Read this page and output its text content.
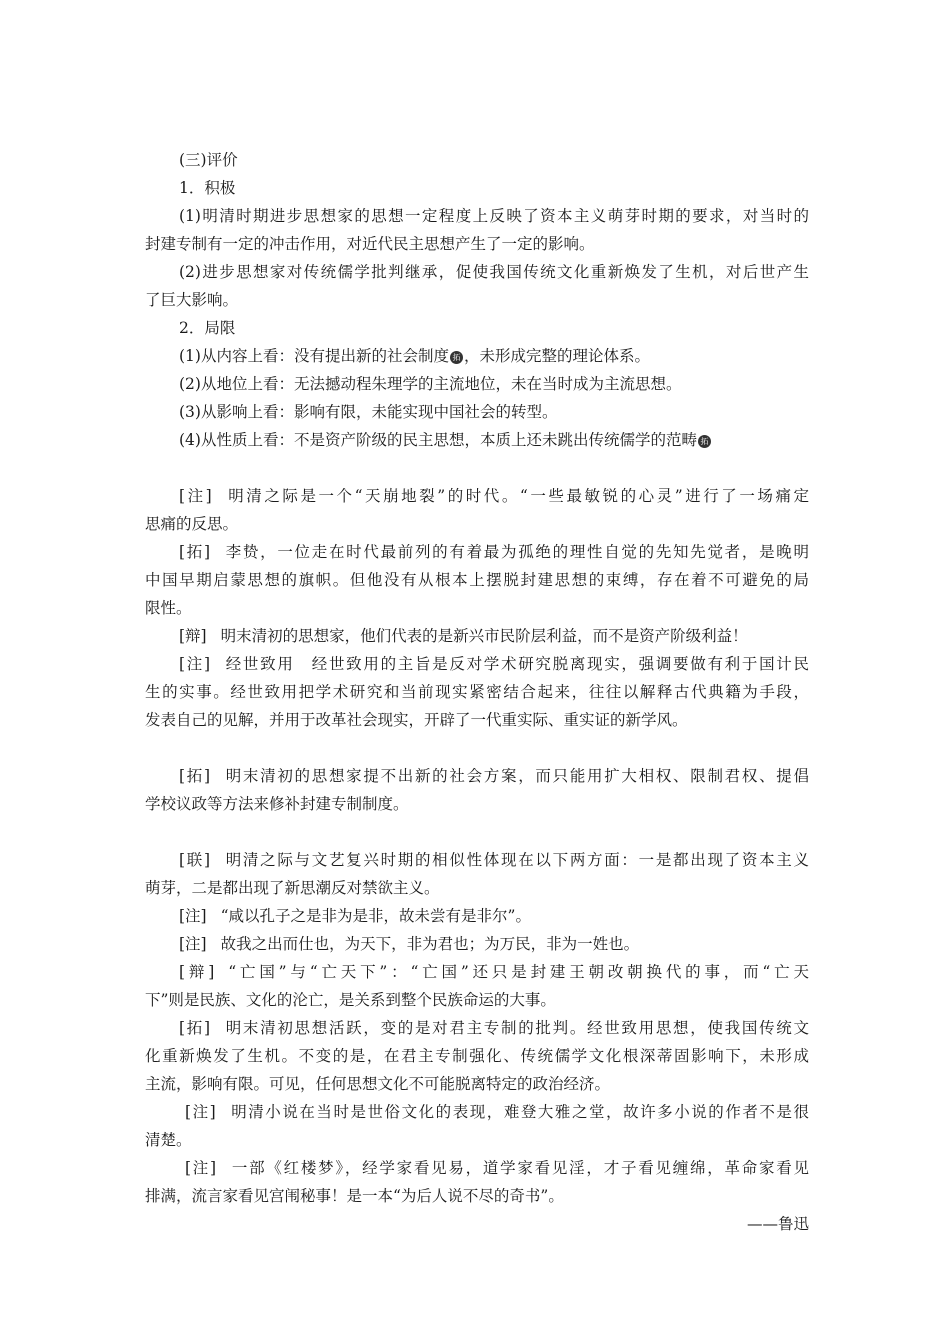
(三)评价
1．积极
(1)明清时期进步思想家的思想一定程度上反映了资本主义萌芽时期的要求，对当时的
封建专制有一定的冲击作用，对近代民主思想产生了一定的影响。
(2)进步思想家对传统儒学批判继承，促使我国传统文化重新焕发了生机，对后世产生
了巨大影响。
2．局限
(1)从内容上看：没有提出新的社会制度 拓 ，未形成完整的理论体系。
(2)从地位上看：无法撼动程朱理学的主流地位，未在当时成为主流思想。
(3)从影响上看：影响有限，未能实现中国社会的转型。
(4)从性质上看：不是资产阶级的民主思想，本质上还未跳出传统儒学的范畴 拓
[注] 明清之际是一个“天崩地裂”的时代。“一些最敏锐的心灵”进行了一场痛定
思痛的反思。
[拓] 李贽，一位走在时代最前列的有着最为孤绝的理性自觉的先知先觉者，是晚明
中国早期启蒙思想的旗帜。但他没有从根本上摆脱封建思想的束缚，存在着不可避免的局
限性。
[辩] 明末清初的思想家，他们代表的是新兴市民阶层利益，而不是资产阶级利益！
[注] 经世致用　经世致用的主旨是反对学术研究脱离现实，强调要做有利于国计民
生的实事。经世致用把学术研究和当前现实紧密结合起来，往往以解释古代典籍为手段，
发表自己的见解，并用于改革社会现实，开辟了一代重实际、重实证的新学风。
[拓] 明末清初的思想家提不出新的社会方案，而只能用扩大相权、限制君权、提倡
学校议政等方法来修补封建专制制度。
[联] 明清之际与文艺复兴时期的相似性体现在以下两方面：一是都出现了资本主义
萌芽，二是都出现了新思潮反对禁欲主义。
[注] “咸以孔子之是非为是非，故未尝有是非尔”。
[注] 故我之出而仕也，为天下，非为君也；为万民，非为一姓也。
[辩] “亡国”与“亡天下”：“亡国”还只是封建王朝改朝换代的事，而“亡天
下”则是民族、文化的沦亡，是关系到整个民族命运的大事。
[拓] 明末清初思想活跃，变的是对君主专制的批判。经世致用思想，使我国传统文
化重新焕发了生机。不变的是，在君主专制强化、传统儒学文化根深蒂固影响下，未形成
主流，影响有限。可见，任何思想文化不可能脱离特定的政治经济。
[注] 明清小说在当时是世俗文化的表现，难登大雅之堂，故许多小说的作者不是很
清楚。
[注] 一部《红楼梦》，经学家看见易，道学家看见淫，才子看见缠绵，革命家看见
排满，流言家看见宫闱秘事！是一本“为后人说不尽的奇书”。
——鲁迅
